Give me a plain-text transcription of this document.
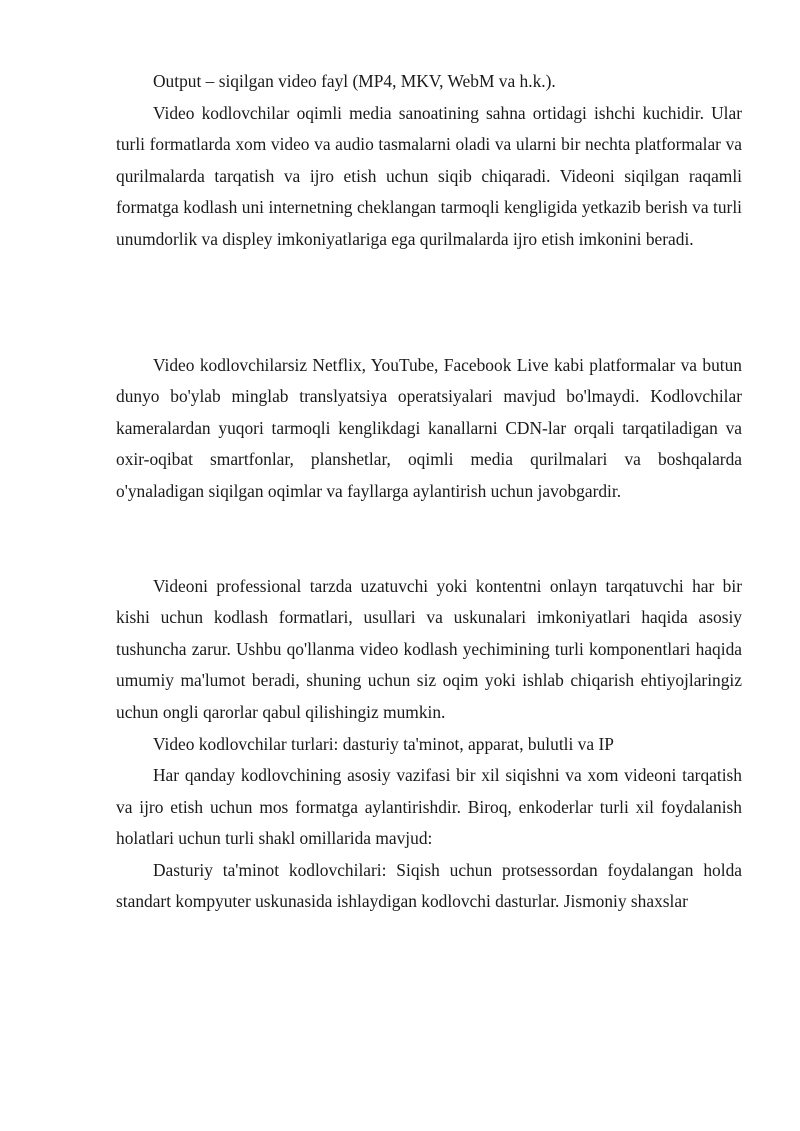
Output – siqilgan video fayl (MP4, MKV, WebM va h.k.).

Video kodlovchilar oqimli media sanoatining sahna ortidagi ishchi kuchidir. Ular turli formatlarda xom video va audio tasmalarni oladi va ularni bir nechta platformalar va qurilmalarda tarqatish va ijro etish uchun siqib chiqaradi. Videoni siqilgan raqamli formatga kodlash uni internetning cheklangan tarmoqli kengligida yetkazib berish va turli unumdorlik va displey imkoniyatlariga ega qurilmalarda ijro etish imkonini beradi.

Video kodlovchilarsiz Netflix, YouTube, Facebook Live kabi platformalar va butun dunyo bo'ylab minglab translyatsiya operatsiyalari mavjud bo'lmaydi. Kodlovchilar kameralardan yuqori tarmoqli kenglikdagi kanallarni CDN-lar orqali tarqatiladigan va oxir-oqibat smartfonlar, planshetlar, oqimli media qurilmalari va boshqalarda o'ynaladigan siqilgan oqimlar va fayllarga aylantirish uchun javobgardir.

Videoni professional tarzda uzatuvchi yoki kontentni onlayn tarqatuvchi har bir kishi uchun kodlash formatlari, usullari va uskunalari imkoniyatlari haqida asosiy tushuncha zarur. Ushbu qo'llanma video kodlash yechimining turli komponentlari haqida umumiy ma'lumot beradi, shuning uchun siz oqim yoki ishlab chiqarish ehtiyojlaringiz uchun ongli qarorlar qabul qilishingiz mumkin.

Video kodlovchilar turlari: dasturiy ta'minot, apparat, bulutli va IP

Har qanday kodlovchining asosiy vazifasi bir xil siqishni va xom videoni tarqatish va ijro etish uchun mos formatga aylantirishdir. Biroq, enkoderlar turli xil foydalanish holatlari uchun turli shakl omillarida mavjud:

Dasturiy ta'minot kodlovchilari: Siqish uchun protsessordan foydalangan holda standart kompyuter uskunasida ishlaydigan kodlovchi dasturlar. Jismoniy shaxslar
